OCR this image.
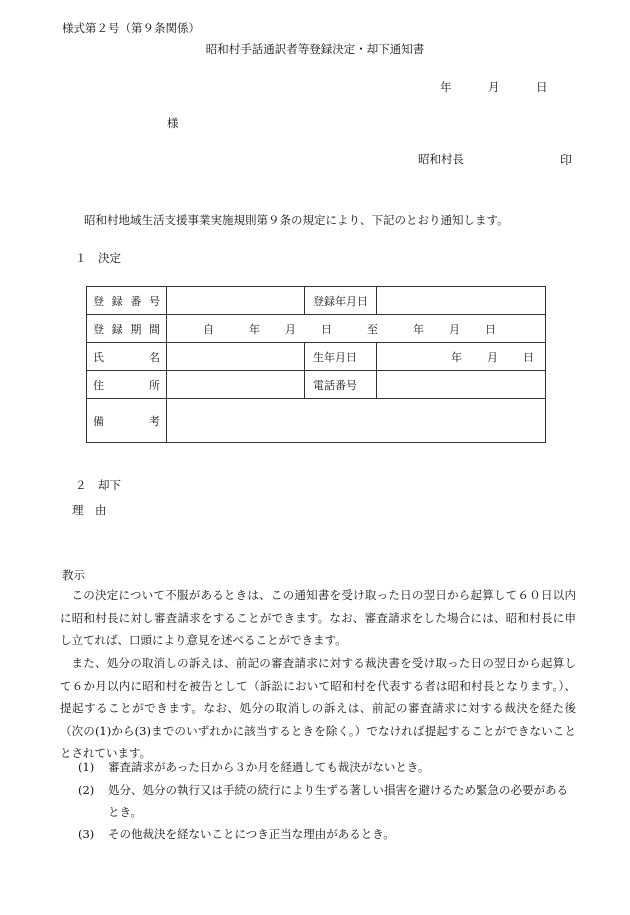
様式第２号（第９条関係）
昭和村手話通訳者等登録決定・却下通知書
年	月	日
様
昭和村長	印
昭和村地域生活支援事業実施規則第９条の規定により、下記のとおり通知します。
１　決定
登録番号		登録年月日	
登録期間	自 年 月 日 至 年 月 日		
氏名		生年月日	年 月 日
住所		電話番号	
備考			
２　却下
理　由
教示

この決定について不服があるときは、この通知書を受け取った日の翌日から起算して６０日以内に昭和村長に対し審査請求をすることができます。なお、審査請求をした場合には、昭和村長に申し立てれば、口頭により意見を述べることができます。

また、処分の取消しの訴えは、前記の審査請求に対する裁決書を受け取った日の翌日から起算して６か月以内に昭和村を被告として（訴訟において昭和村を代表する者は昭和村長となります。）、提起することができます。なお、処分の取消しの訴えは、前記の審査請求に対する裁決を経た後（次の(1)から(3)までのいずれかに該当するときを除く。）でなければ提起することができないこととされています。

(1) 審査請求があった日から３か月を経過しても裁決がないとき。
(2) 処分、処分の執行又は手続の続行により生ずる著しい損害を避けるため緊急の必要があるとき。
(3) その他裁決を経ないことにつき正当な理由があるとき。
